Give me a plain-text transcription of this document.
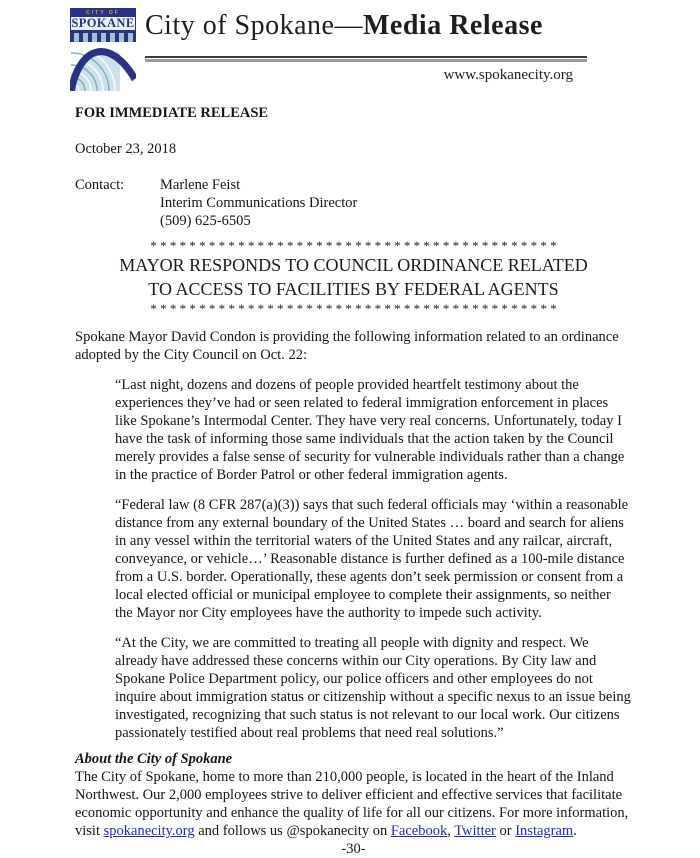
CITY OF
SPOKANE City of Spokane—Media Release
www.spokanecity.org
FOR IMMEDIATE RELEASE
October 23, 2018
Contact:	Marlene Feist
Interim Communications Director
(509) 625-6505
* * * * * * * * * * * * * * * * * * * * * * * * * * * * * * * * * * * * * * * * * *
MAYOR RESPONDS TO COUNCIL ORDINANCE RELATED
TO ACCESS TO FACILITIES BY FEDERAL AGENTS
* * * * * * * * * * * * * * * * * * * * * * * * * * * * * * * * * * * * * * * * * *
Spokane Mayor David Condon is providing the following information related to an ordinance adopted by the City Council on Oct. 22:
“Last night, dozens and dozens of people provided heartfelt testimony about the experiences they’ve had or seen related to federal immigration enforcement in places like Spokane’s Intermodal Center. They have very real concerns. Unfortunately, today I have the task of informing those same individuals that the action taken by the Council merely provides a false sense of security for vulnerable individuals rather than a change in the practice of Border Patrol or other federal immigration agents.
“Federal law (8 CFR 287(a)(3)) says that such federal officials may ‘within a reasonable distance from any external boundary of the United States … board and search for aliens in any vessel within the territorial waters of the United States and any railcar, aircraft, conveyance, or vehicle…’ Reasonable distance is further defined as a 100-mile distance from a U.S. border. Operationally, these agents don’t seek permission or consent from a local elected official or municipal employee to complete their assignments, so neither the Mayor nor City employees have the authority to impede such activity.
“At the City, we are committed to treating all people with dignity and respect. We already have addressed these concerns within our City operations. By City law and Spokane Police Department policy, our police officers and other employees do not inquire about immigration status or citizenship without a specific nexus to an issue being investigated, recognizing that such status is not relevant to our local work. Our citizens passionately testified about real problems that need real solutions.”
About the City of Spokane
The City of Spokane, home to more than 210,000 people, is located in the heart of the Inland Northwest. Our 2,000 employees strive to deliver efficient and effective services that facilitate economic opportunity and enhance the quality of life for all our citizens. For more information, visit spokanecity.org and follows us @spokanecity on Facebook, Twitter or Instagram.
-30-
